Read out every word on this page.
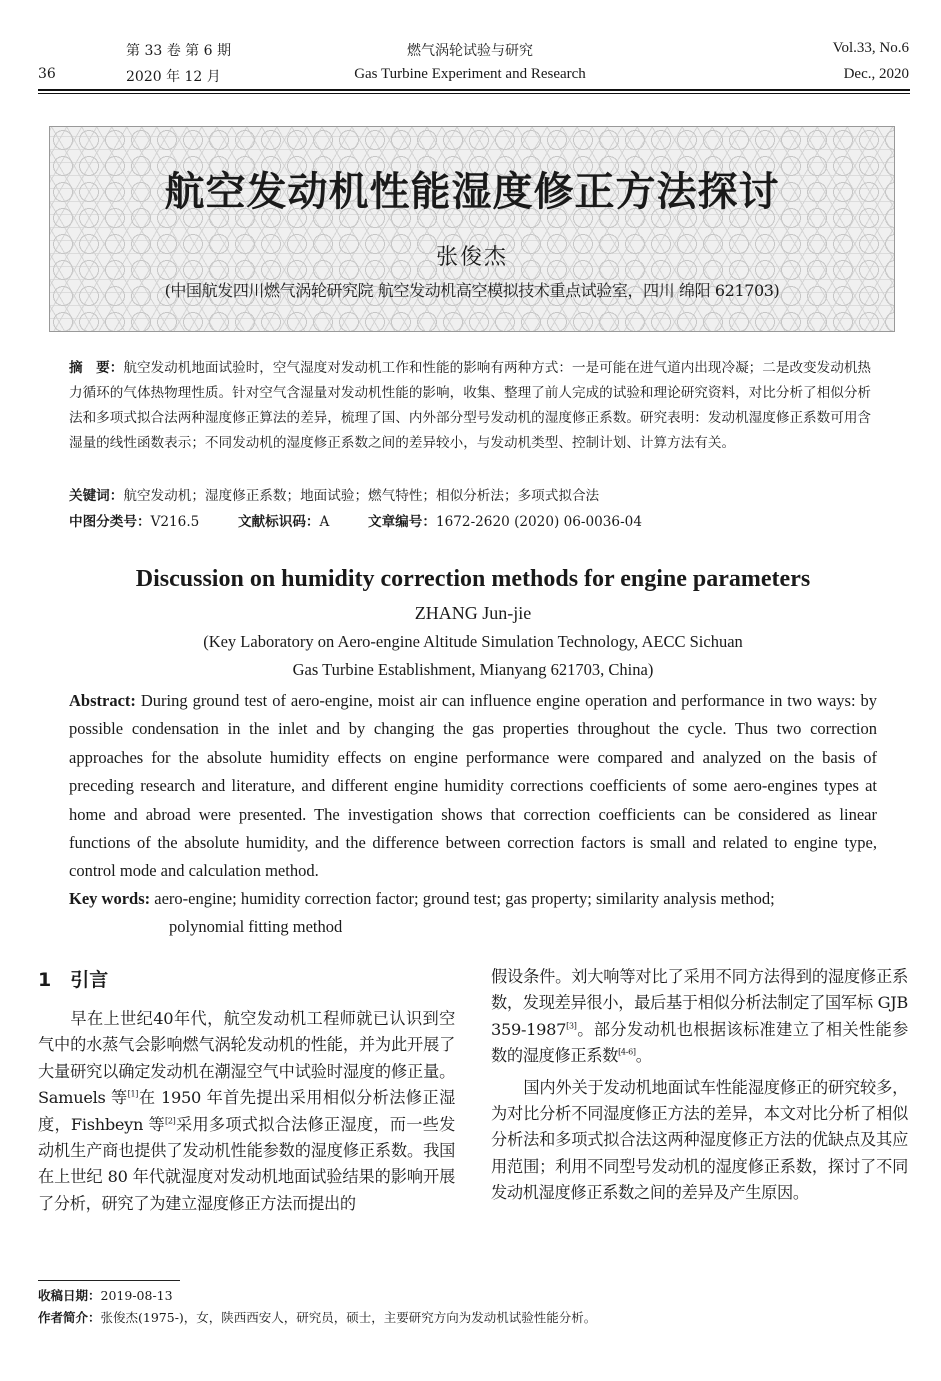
36
第 33 卷 第 6 期
2020 年 12 月
燃气涡轮试验与研究
Gas Turbine Experiment and Research
Vol.33, No.6
Dec., 2020
航空发动机性能湿度修正方法探讨
张俊杰
(中国航发四川燃气涡轮研究院 航空发动机高空模拟技术重点试验室，四川 绵阳 621703)
摘　要：航空发动机地面试验时，空气湿度对发动机工作和性能的影响有两种方式：一是可能在进气道内出现冷凝；二是改变发动机热力循环的气体热物理性质。针对空气含湿量对发动机性能的影响，收集、整理了前人完成的试验和理论研究资料，对比分析了相似分析法和多项式拟合法两种湿度修正算法的差异，梳理了国、内外部分型号发动机的湿度修正系数。研究表明：发动机湿度修正系数可用含湿量的线性函数表示；不同发动机的湿度修正系数之间的差异较小，与发动机类型、控制计划、计算方法有关。
关键词：航空发动机；湿度修正系数；地面试验；燃气特性；相似分析法；多项式拟合法
中图分类号：V216.5	文献标识码：A	文章编号：1672-2620 (2020) 06-0036-04
Discussion on humidity correction methods for engine parameters
ZHANG Jun-jie
(Key Laboratory on Aero-engine Altitude Simulation Technology, AECC Sichuan
Gas Turbine Establishment, Mianyang 621703, China)
Abstract: During ground test of aero-engine, moist air can influence engine operation and performance in two ways: by possible condensation in the inlet and by changing the gas properties throughout the cycle. Thus two correction approaches for the absolute humidity effects on engine performance were compared and analyzed on the basis of preceding research and literature, and different engine humidity corrections coefficients of some aero-engines types at home and abroad were presented. The investigation shows that correction coefficients can be considered as linear functions of the absolute humidity, and the difference between correction factors is small and related to engine type, control mode and calculation method.
Key words: aero-engine; humidity correction factor; ground test; gas property; similarity analysis method;
polynomial fitting method
1　引言

早在上世纪40年代，航空发动机工程师就已认识到空气中的水蒸气会影响燃气涡轮发动机的性能，并为此开展了大量研究以确定发动机在潮湿空气中试验时湿度的修正量。Samuels 等[1]在 1950 年首先提出采用相似分析法修正湿度，Fishbeyn 等[2]采用多项式拟合法修正湿度，而一些发动机生产商也提供了发动机性能参数的湿度修正系数。我国在上世纪 80 年代就湿度对发动机地面试验结果的影响开展了分析，研究了为建立湿度修正方法而提出的

假设条件。刘大响等对比了采用不同方法得到的湿度修正系数，发现差异很小，最后基于相似分析法制定了国军标 GJB 359-1987[3]。部分发动机也根据该标准建立了相关性能参数的湿度修正系数[4-6]。

国内外关于发动机地面试车性能湿度修正的研究较多，为对比分析不同湿度修正方法的差异，本文对比分析了相似分析法和多项式拟合法这两种湿度修正方法的优缺点及其应用范围；利用不同型号发动机的湿度修正系数，探讨了不同发动机湿度修正系数之间的差异及产生原因。

收稿日期：2019-08-13
作者简介：张俊杰(1975-)，女，陕西西安人，研究员，硕士，主要研究方向为发动机试验性能分析。
